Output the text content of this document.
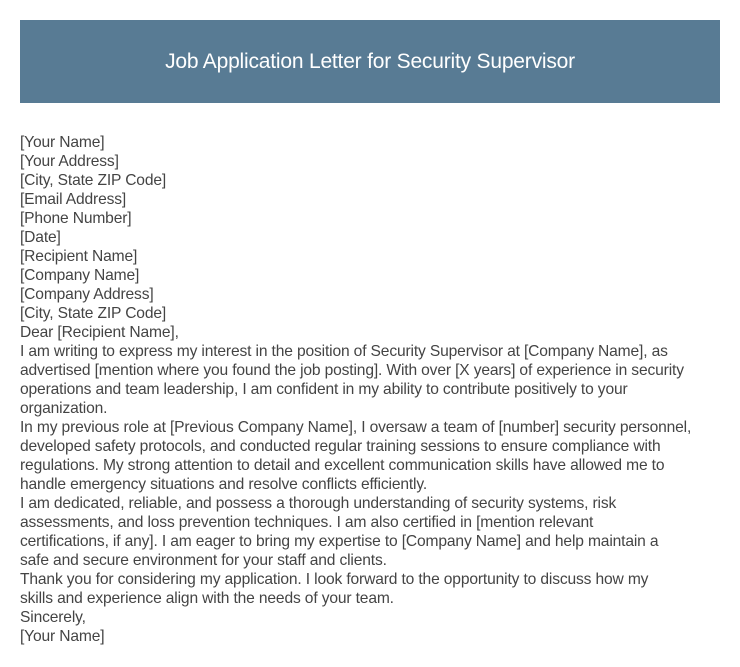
Job Application Letter for Security Supervisor
[Your Name]
[Your Address]
[City, State ZIP Code]
[Email Address]
[Phone Number]
[Date]
[Recipient Name]
[Company Name]
[Company Address]
[City, State ZIP Code]
Dear [Recipient Name],
I am writing to express my interest in the position of Security Supervisor at [Company Name], as
advertised [mention where you found the job posting]. With over [X years] of experience in security
operations and team leadership, I am confident in my ability to contribute positively to your
organization.
In my previous role at [Previous Company Name], I oversaw a team of [number] security personnel,
developed safety protocols, and conducted regular training sessions to ensure compliance with
regulations. My strong attention to detail and excellent communication skills have allowed me to
handle emergency situations and resolve conflicts efficiently.
I am dedicated, reliable, and possess a thorough understanding of security systems, risk
assessments, and loss prevention techniques. I am also certified in [mention relevant
certifications, if any]. I am eager to bring my expertise to [Company Name] and help maintain a
safe and secure environment for your staff and clients.
Thank you for considering my application. I look forward to the opportunity to discuss how my
skills and experience align with the needs of your team.
Sincerely,
[Your Name]
